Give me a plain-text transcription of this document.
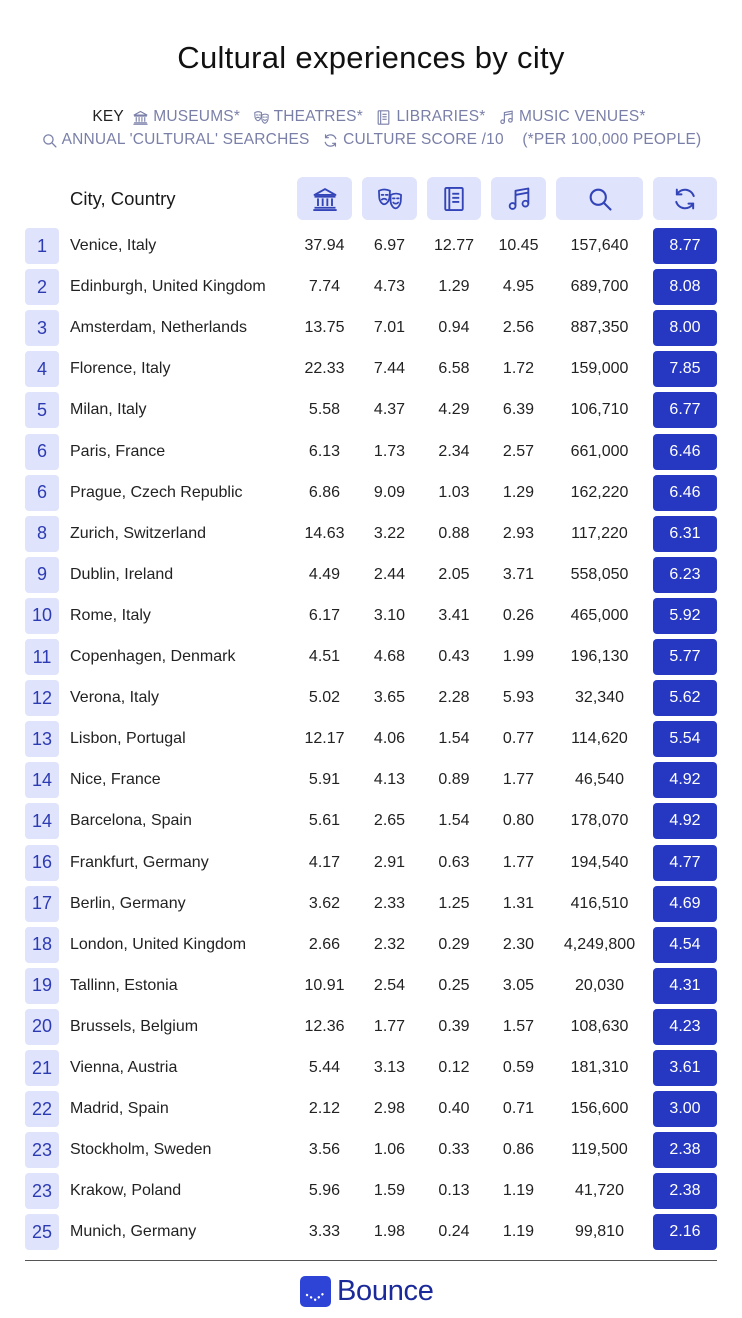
Cultural experiences by city
KEY MUSEUMS*
THEATRES*
LIBRARIES*
MUSIC VENUES*
ANNUAL 'CULTURAL' SEARCHES
CULTURE SCORE /10 (*PER 100,000 PEOPLE)
City, Country
1	Venice, Italy	37.94	6.97	12.77	10.45	157,640	8.77
2	Edinburgh, United Kingdom	7.74	4.73	1.29	4.95	689,700	8.08
3	Amsterdam, Netherlands	13.75	7.01	0.94	2.56	887,350	8.00
4	Florence, Italy	22.33	7.44	6.58	1.72	159,000	7.85
5	Milan, Italy	5.58	4.37	4.29	6.39	106,710	6.77
6	Paris, France	6.13	1.73	2.34	2.57	661,000	6.46
6	Prague, Czech Republic	6.86	9.09	1.03	1.29	162,220	6.46
8	Zurich, Switzerland	14.63	3.22	0.88	2.93	117,220	6.31
9	Dublin, Ireland	4.49	2.44	2.05	3.71	558,050	6.23
10	Rome, Italy	6.17	3.10	3.41	0.26	465,000	5.92
11	Copenhagen, Denmark	4.51	4.68	0.43	1.99	196,130	5.77
12	Verona, Italy	5.02	3.65	2.28	5.93	32,340	5.62
13	Lisbon, Portugal	12.17	4.06	1.54	0.77	114,620	5.54
14	Nice, France	5.91	4.13	0.89	1.77	46,540	4.92
14	Barcelona, Spain	5.61	2.65	1.54	0.80	178,070	4.92
16	Frankfurt, Germany	4.17	2.91	0.63	1.77	194,540	4.77
17	Berlin, Germany	3.62	2.33	1.25	1.31	416,510	4.69
18	London, United Kingdom	2.66	2.32	0.29	2.30	4,249,800	4.54
19	Tallinn, Estonia	10.91	2.54	0.25	3.05	20,030	4.31
20	Brussels, Belgium	12.36	1.77	0.39	1.57	108,630	4.23
21	Vienna, Austria	5.44	3.13	0.12	0.59	181,310	3.61
22	Madrid, Spain	2.12	2.98	0.40	0.71	156,600	3.00
23	Stockholm, Sweden	3.56	1.06	0.33	0.86	119,500	2.38
23	Krakow, Poland	5.96	1.59	0.13	1.19	41,720	2.38
25	Munich, Germany	3.33	1.98	0.24	1.19	99,810	2.16
Bounce
